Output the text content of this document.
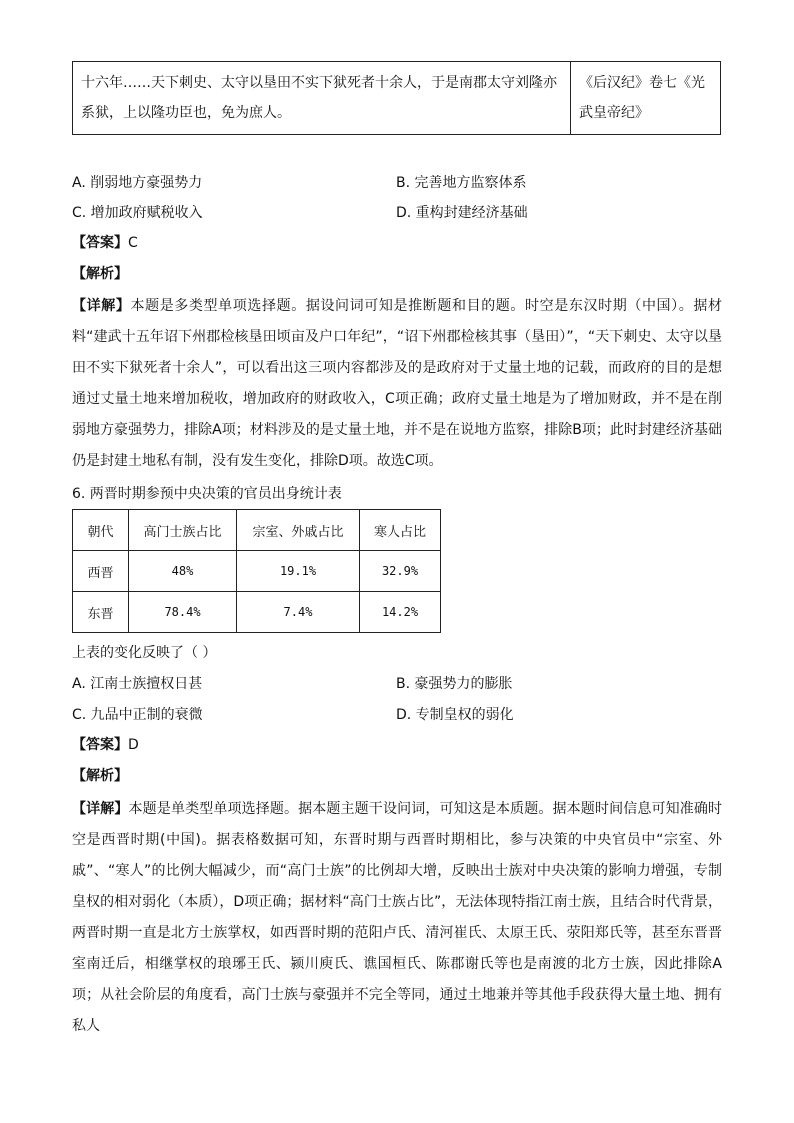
十六年……天下刺史、太守以垦田不实下狱死者十余人，于是南郡太守刘隆亦系狱，上以隆功臣也，免为庶人。	《后汉纪》卷七《光武皇帝纪》
A. 削弱地方豪强势力	B. 完善地方监察体系
C. 增加政府赋税收入	D. 重构封建经济基础
【答案】C
【解析】
【详解】本题是多类型单项选择题。据设问词可知是推断题和目的题。时空是东汉时期（中国）。据材料“建武十五年诏下州郡检核垦田顷亩及户口年纪”，“诏下州郡检核其事（垦田）”，“天下刺史、太守以垦田不实下狱死者十余人”，可以看出这三项内容都涉及的是政府对于丈量土地的记载，而政府的目的是想通过丈量土地来增加税收，增加政府的财政收入，C项正确；政府丈量土地是为了增加财政，并不是在削弱地方豪强势力，排除A项；材料涉及的是丈量土地，并不是在说地方监察，排除B项；此时封建经济基础仍是封建土地私有制，没有发生变化，排除D项。故选C项。
6. 两晋时期参预中央决策的官员出身统计表
朝代	高门士族占比	宗室、外戚占比	寒人占比
西晋	48%	19.1%	32.9%
东晋	78.4%	7.4%	14.2%
上表的变化反映了（ ）
A. 江南士族擅权日甚	B. 豪强势力的膨胀
C. 九品中正制的衰微	D. 专制皇权的弱化
【答案】D
【解析】
【详解】本题是单类型单项选择题。据本题主题干设问词，可知这是本质题。据本题时间信息可知准确时空是西晋时期(中国)。据表格数据可知，东晋时期与西晋时期相比，参与决策的中央官员中“宗室、外戚”、“寒人”的比例大幅减少，而“高门士族”的比例却大增，反映出士族对中央决策的影响力增强，专制皇权的相对弱化（本质），D项正确；据材料“高门士族占比”，无法体现特指江南士族，且结合时代背景，两晋时期一直是北方士族掌权，如西晋时期的范阳卢氏、清河崔氏、太原王氏、荥阳郑氏等，甚至东晋晋室南迁后，相继掌权的琅琊王氏、颍川庾氏、谯国桓氏、陈郡谢氏等也是南渡的北方士族，因此排除A项；从社会阶层的角度看，高门士族与豪强并不完全等同，通过土地兼并等其他手段获得大量土地、拥有私人
